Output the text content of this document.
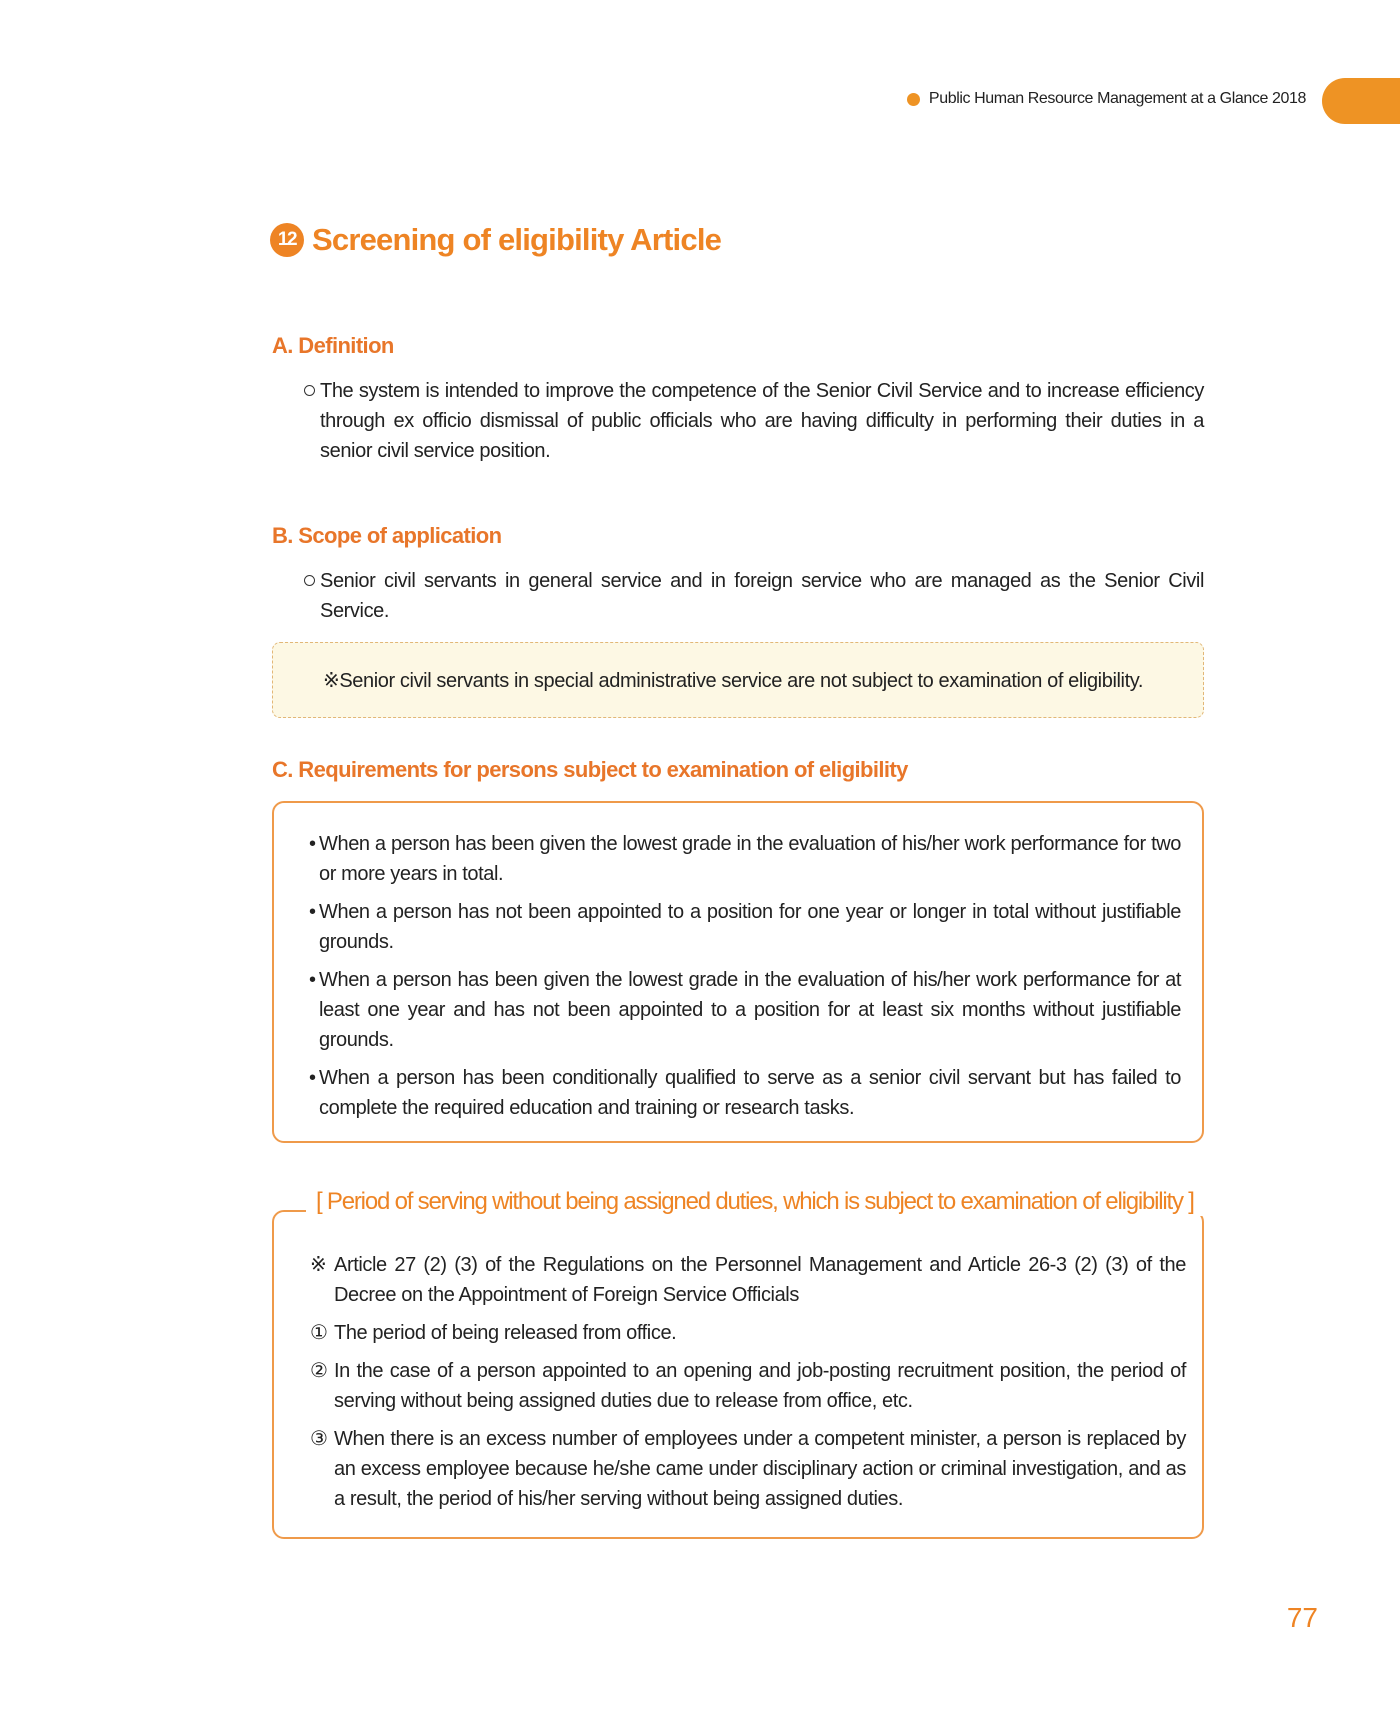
Public Human Resource Management at a Glance 2018
12 Screening of eligibility Article
A. Definition
The system is intended to improve the competence of the Senior Civil Service and to increase efficiency through ex officio dismissal of public officials who are having difficulty in performing their duties in a senior civil service position.
B. Scope of application
Senior civil servants in general service and in foreign service who are managed as the Senior Civil Service.
※Senior civil servants in special administrative service are not subject to examination of eligibility.
C. Requirements for persons subject to examination of eligibility
• When a person has been given the lowest grade in the evaluation of his/her work performance for two or more years in total.
• When a person has not been appointed to a position for one year or longer in total without justifiable grounds.
• When a person has been given the lowest grade in the evaluation of his/her work performance for at least one year and has not been appointed to a position for at least six months without justifiable grounds.
• When a person has been conditionally qualified to serve as a senior civil servant but has failed to complete the required education and training or research tasks.
[ Period of serving without being assigned duties, which is subject to examination of eligibility ]
※ Article 27 (2) (3) of the Regulations on the Personnel Management and Article 26-3 (2) (3) of the Decree on the Appointment of Foreign Service Officials
① The period of being released from office.
② In the case of a person appointed to an opening and job-posting recruitment position, the period of serving without being assigned duties due to release from office, etc.
③ When there is an excess number of employees under a competent minister, a person is replaced by an excess employee because he/she came under disciplinary action or criminal investigation, and as a result, the period of his/her serving without being assigned duties.
77
